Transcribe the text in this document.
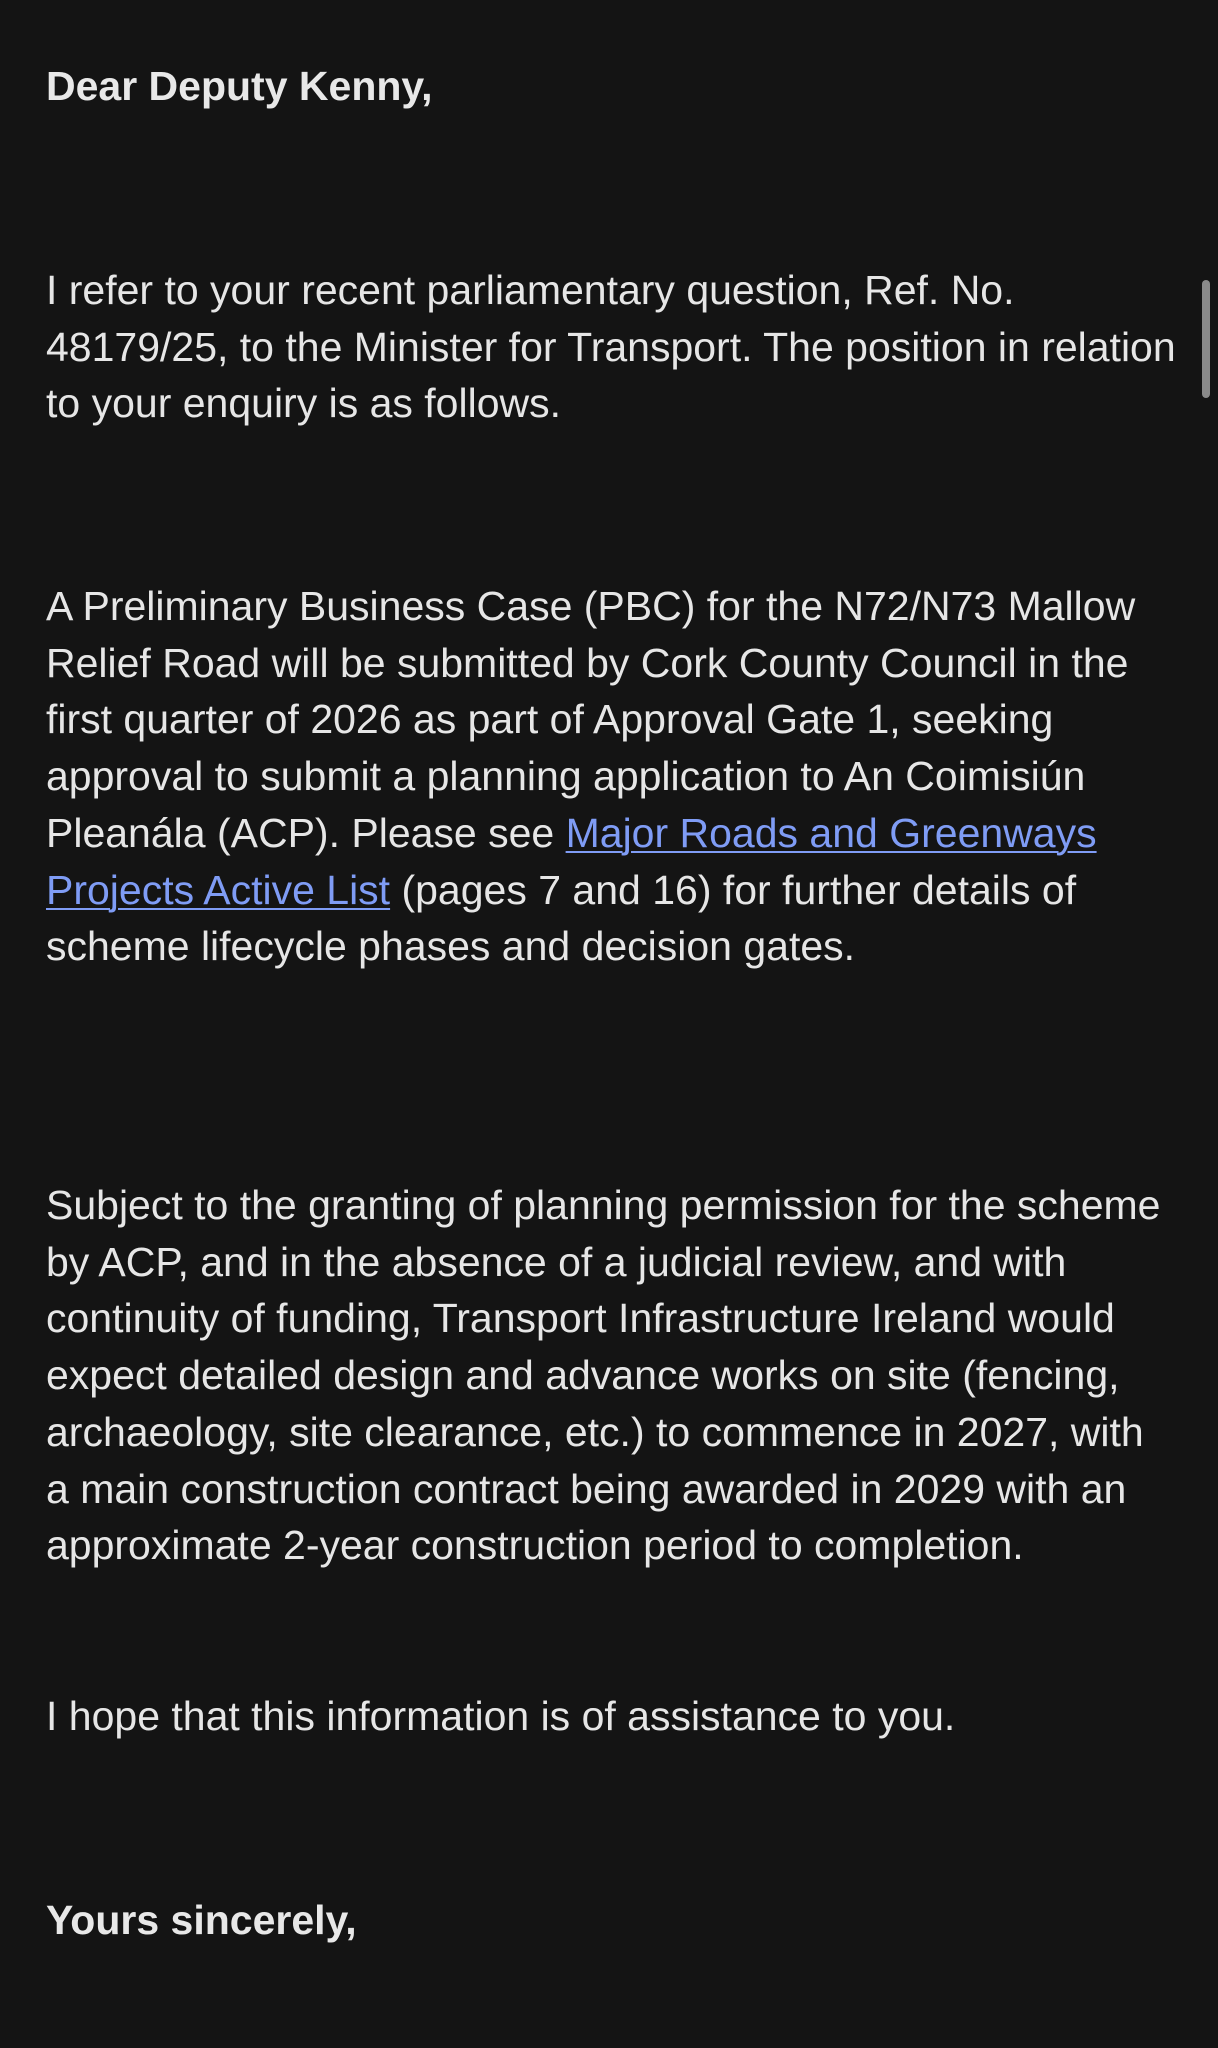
Dear Deputy Kenny,

I refer to your recent parliamentary question, Ref. No. 48179/25, to the Minister for Transport. The position in relation to your enquiry is as follows.

A Preliminary Business Case (PBC) for the N72/N73 Mallow Relief Road will be submitted by Cork County Council in the first quarter of 2026 as part of Approval Gate 1, seeking approval to submit a planning application to An Coimisiún Pleanála (ACP). Please see Major Roads and Greenways Projects Active List (pages 7 and 16) for further details of scheme lifecycle phases and decision gates.

Subject to the granting of planning permission for the scheme by ACP, and in the absence of a judicial review, and with continuity of funding, Transport Infrastructure Ireland would expect detailed design and advance works on site (fencing, archaeology, site clearance, etc.) to commence in 2027, with a main construction contract being awarded in 2029 with an approximate 2-year construction period to completion.

I hope that this information is of assistance to you.

Yours sincerely,
